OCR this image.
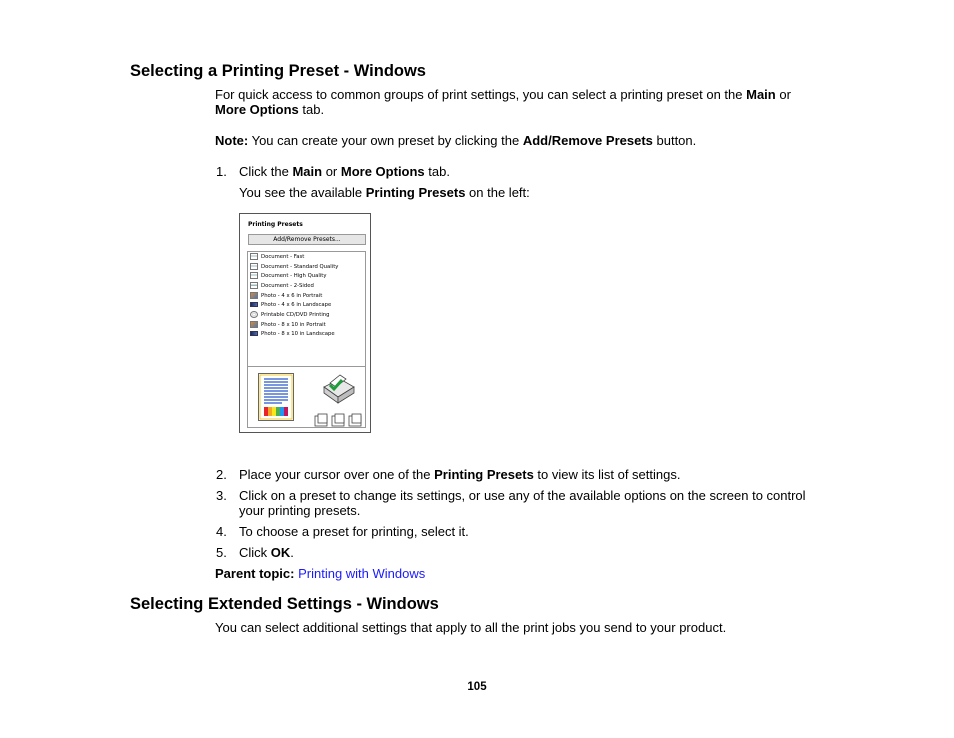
Selecting a Printing Preset - Windows
For quick access to common groups of print settings, you can select a printing preset on the Main or
More Options tab.
Note: You can create your own preset by clicking the Add/Remove Presets button.
1. Click the Main or More Options tab.
You see the available Printing Presets on the left:
Printing Presets
Add/Remove Presets...
Document - Fast
Document - Standard Quality
Document - High Quality
Document - 2-Sided
Photo - 4 x 6 in Portrait
Photo - 4 x 6 in Landscape
Printable CD/DVD Printing
Photo - 8 x 10 in Portrait
Photo - 8 x 10 in Landscape
2. Place your cursor over one of the Printing Presets to view its list of settings.
3. Click on a preset to change its settings, or use any of the available options on the screen to control
your printing presets.
4. To choose a preset for printing, select it.
5. Click OK.
Parent topic: Printing with Windows
Selecting Extended Settings - Windows
You can select additional settings that apply to all the print jobs you send to your product.
105
